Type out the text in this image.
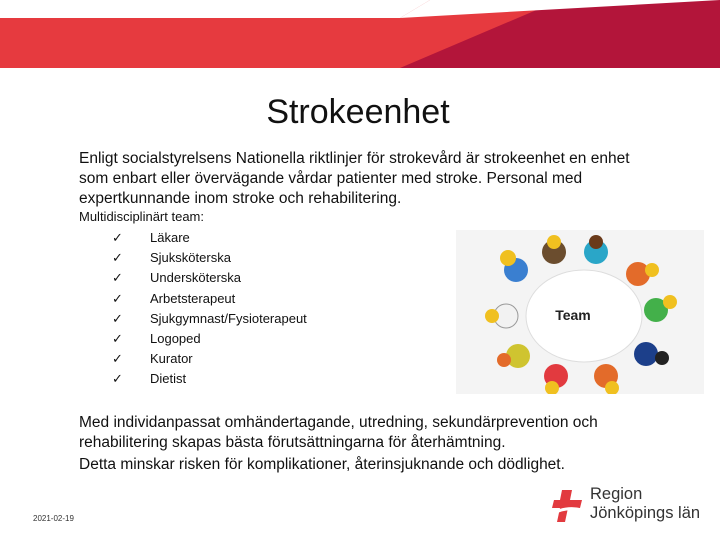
Strokeenhet

Enligt socialstyrelsens Nationella riktlinjer för strokevård är strokeenhet en enhet som enbart eller övervägande vårdar patienter med stroke. Personal med expertkunnande inom stroke och rehabilitering.

Multidisciplinärt team:

✓ Läkare
✓ Sjuksköterska
✓ Undersköterska
✓ Arbetsterapeut
✓ Sjukgymnast/Fysioterapeut
✓ Logoped
✓ Kurator
✓ Dietist
Team

Med individanpassat omhändertagande, utredning, sekundärprevention och rehabilitering skapas bästa förutsättningarna för återhämtning.

Detta minskar risken för komplikationer, återinsjuknande och dödlighet.

2021-02-19
Region
Jönköpings län
